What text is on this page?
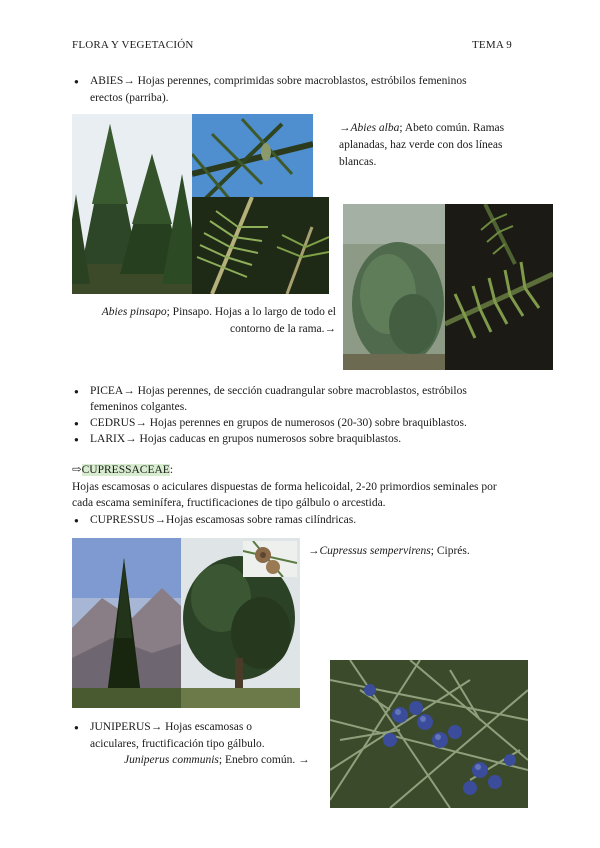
FLORA Y VEGETACIÓN	TEMA 9
● ABIES→ Hojas perennes, comprimidas sobre macroblastos, estróbilos femeninos
erectos (parriba).
→Abies alba; Abeto común. Ramas
aplanadas, haz verde con dos líneas
blancas.
Abies pinsapo; Pinsapo. Hojas a lo largo de todo el
contorno de la rama.→
● PICEA→ Hojas perennes, de sección cuadrangular sobre macroblastos, estróbilos
femeninos colgantes.
● CEDRUS→ Hojas perennes en grupos de numerosos (20-30) sobre braquiblastos.
● LARIX→ Hojas caducas en grupos numerosos sobre braquiblastos.
⇨CUPRESSACEAE:
Hojas escamosas o aciculares dispuestas de forma helicoidal, 2-20 primordios seminales por
cada escama seminífera, fructificaciones de tipo gálbulo o arcestida.
● CUPRESSUS→Hojas escamosas sobre ramas cilíndricas.
→Cupressus sempervirens; Ciprés.
● JUNIPERUS→ Hojas escamosas o
aciculares, fructificación tipo gálbulo.
Juniperus communis; Enebro común. →
